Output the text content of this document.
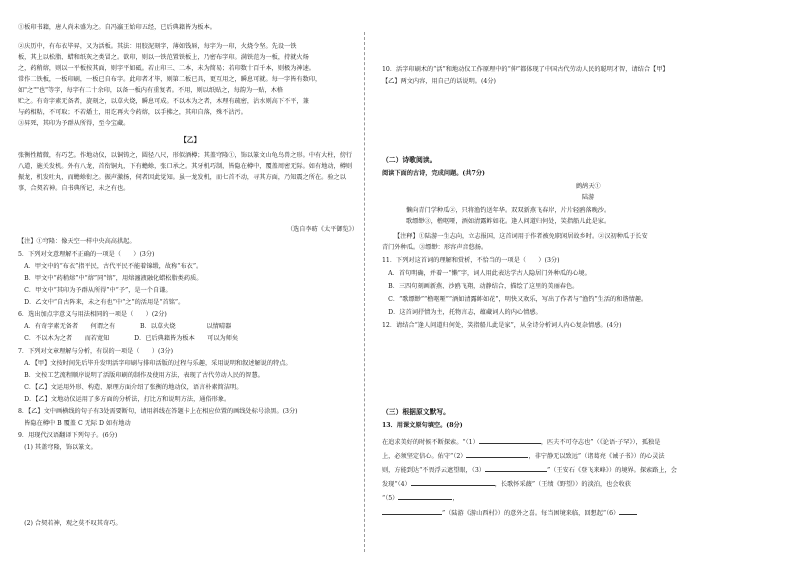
①板印书籍，唐人尚未盛为之。自冯瀛王始印五经，已后典籍皆为板本。
②庆历中，有布衣毕昇，又为活板。其法：用胶泥刻字，薄如钱唇，每字为一印，火烧令坚。先设一铁
板，其上以松脂、蜡和纸灰之类冒之。欲印，则以一铁范置铁板上，乃密布字印。满铁范为一板，持就火炀
之，药稍熔，则以一平板按其面，则字平如砥。若止印三、二本，未为简易；若印数十百千本，则极为神速。
常作二铁板，一板印刷，一板已自布字。此印者才毕，则第二板已具，更互用之，瞬息可就。每一字皆有数印，
如"之""也"等字，每字有二十余印，以备一板内有重复者。不用，则以纸贴之，每韵为一贴，木格
贮之。有奇字素无备者，旋刻之，以草火烧，瞬息可成。不以木为之者，木理有疏密，沾水则高下不平，兼
与药相粘，不可取；不若燔土，用讫再火令药熔，以手拂之，其印自落，殊不沾污。
③昇死，其印为予群从所得，至今宝藏。
【乙】
张衡性精微，有巧艺。作地动仪，以铜铸之，圆径八尺，形似酒樽；其盖穹隆①，饰以篆文山龟鸟兽之形。中有大柱，傍行八道，施关发机。外有八龙，首衔铜丸，下有蟾蜍，张口承之。其牙机巧制，皆隐在樽中，覆盖周密无际。如有地动，樽则振龙，机发吐丸，而蟾蜍衔之。振声激扬，伺者因此觉知。虽一龙发机，而七首不动，寻其方面，乃知震之所在。验之以事，合契若神。自书典所记，未之有也。
（选自李昉《太平御览》）
【注】①穹隆：像天空一样中央高高拱起。
5．下列对文意理解不正确的一项是（　　）(3分)
　A．甲文中的“布衣”指平民，古代平民不能着锦缎，故称“布衣”。
　B．甲文中“药稍熔”中“熔”同“镕”，用熔瀍液融化蜡松脂类药质。
　C．甲文中“其印为予群从所得”中“予”，是一个自谦。
　D．乙文中“自古阵来，未之有也”中“之”的活用是“首铭”。
6．选出加点字意义与用法相同的一项是（　　）(2分)
　A．有奇字素无备者　　何谓之有　　　　B．以草火烧　　　　　以情晴器
　C．不以木为之者　　而若宽知　　　　D．已后典籍皆为板本　　可以为师矣
7．下列对文章理解与分析，有误的一项是（　　）(3分)
　A．【甲】文按时间先后毕升发明活字印刷与排印活版的过程与乐趣，采用说明和叙述解说的特点。
　B．文按工艺流程顺序说明了活版印刷的制作及使用方法，表现了古代劳动人民的智慧。
　C．【乙】文运用外形、构造、原理方面介绍了张衡的地动仪，语言朴素简洁明。
　D．【乙】文地动仪运用了多方面的分析法，打比方和说明方法，通俗形象。
8．【乙】文中画横线的句子有3处需要断句，请用斜线在答题卡上在相应位置的画线处标号涂黑。(3分)
　皆隐在樽中 B 覆盖 C 无际 D 如有地动
9．用现代汉语翻译下列句子。(6分)
　(1) 其盖穹隆，饰以篆文。
　(2) 合契若神，观之莫不叹其奇巧。
10．活字印刷术的“活”和地动仪工作原理中的“伸”都体现了中国古代劳动人民的聪明才智，请结合【甲】
【乙】两文内容，用自己的话说明。(4分)
（二）诗歌阅读。
阅读下面的古诗，完成问题。(共7分)
鹧鸪天①
陆游
懒向青门学种瓜②，只将渔钓送年华。双双新燕飞春岸，片片轻鸥落晚沙。
歌缥缈③，橹呕哑，酒如清露鲊如花。逢人问道归何处，笑指船儿此是家。
【注释】①陆游一生志向，立志报国，这首词用于作者被免职闲居故乡时。②汉初种瓜于长安
青门外种瓜。③缥缈：形容声音悠扬。
11．下列对这首词的理解和赏析，不恰当的一项是（　　）(3分)
　A．首句明确，并着一“懒”字，词人用此表达学古人隐居门外种瓜的心境。
　B．三四句刻画新燕、沙鸥飞翔，动静结合，描绘了这里的美丽春色。
　C．“歌缥缈”“橹呕哑”“酒如清露鲊如花”，明快又欢乐，写出了作者与“渔钓”生活的和谐情趣。
　D．这首词抒情为主，托物言志，蕴藏词人的内心情感。
12．请结合“逢人问道归何处，笑指船儿此是家”，从全诗分析词人内心复杂情感。(4分)
（三）根据原文默写。
13．用课文原句填空。(8分)
在追求美好的时候不断探索。“（1）	，匹夫不可夺志也”（《论语·子罕》），孤独是
上，必须坚定信心。佑守“（2）	，非宁静无以致远”（诸葛亮《诫子书》）的心灵法
则，方能到达“不畏浮云遮望眼，（3）	”（王安石《登飞来峰》）的境界。探索路上，会
发现“（4）	，长歌怀采薇”（王绩《野望》）的淡泊，也会收获
“（5）	，
”（陆游《游山西村》）的意外之喜。每当困境来临，回想起“（6）
